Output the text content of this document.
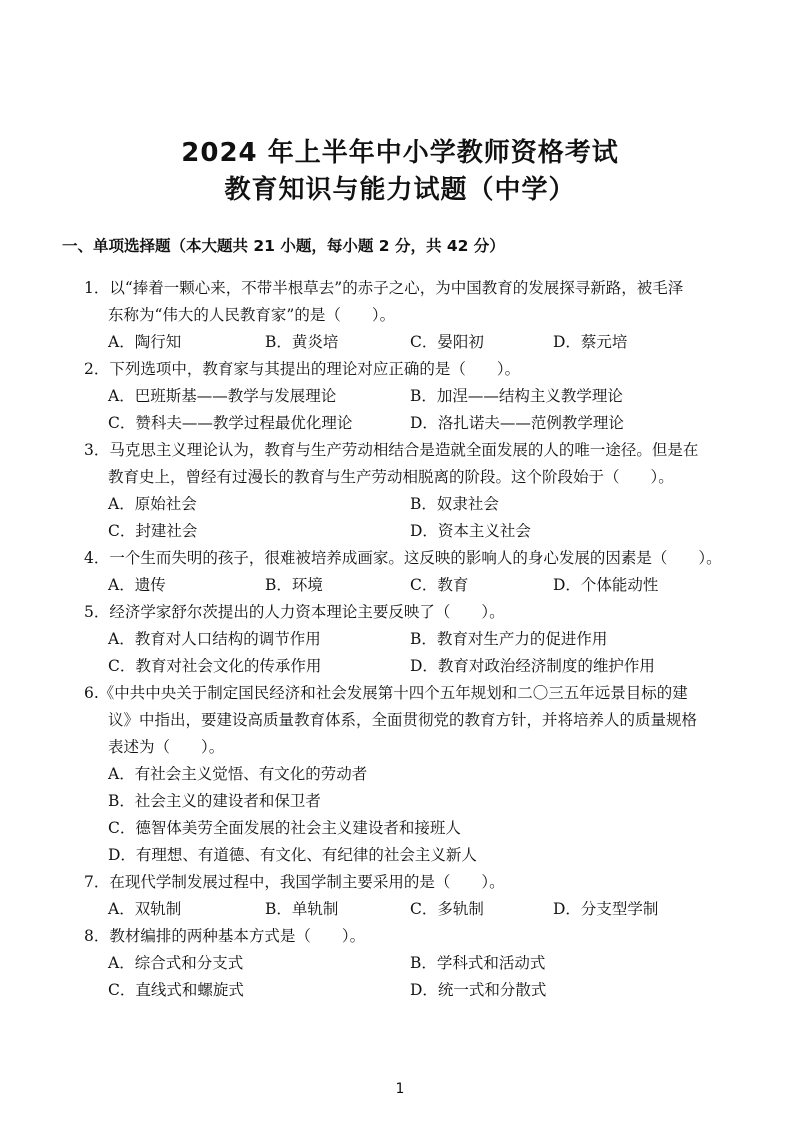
2024 年上半年中小学教师资格考试
教育知识与能力试题（中学）
一、单项选择题（本大题共 21 小题，每小题 2 分，共 42 分）
1．以“捧着一颗心来，不带半根草去”的赤子之心，为中国教育的发展探寻新路，被毛泽
东称为“伟大的人民教育家”的是（　　）。
A．陶行知	B．黄炎培	C．晏阳初	D．蔡元培
2．下列选项中，教育家与其提出的理论对应正确的是（　　）。
A．巴班斯基——教学与发展理论	B．加涅——结构主义教学理论
C．赞科夫——教学过程最优化理论	D．洛扎诺夫——范例教学理论
3．马克思主义理论认为，教育与生产劳动相结合是造就全面发展的人的唯一途径。但是在
教育史上，曾经有过漫长的教育与生产劳动相脱离的阶段。这个阶段始于（　　）。
A．原始社会	B．奴隶社会
C．封建社会	D．资本主义社会
4．一个生而失明的孩子，很难被培养成画家。这反映的影响人的身心发展的因素是（　　）。
A．遗传	B．环境	C．教育	D．个体能动性
5．经济学家舒尔茨提出的人力资本理论主要反映了（　　）。
A．教育对人口结构的调节作用	B．教育对生产力的促进作用
C．教育对社会文化的传承作用	D．教育对政治经济制度的维护作用
6.《中共中央关于制定国民经济和社会发展第十四个五年规划和二〇三五年远景目标的建
议》中指出，要建设高质量教育体系，全面贯彻党的教育方针，并将培养人的质量规格
表述为（　　）。
A．有社会主义觉悟、有文化的劳动者
B．社会主义的建设者和保卫者
C．德智体美劳全面发展的社会主义建设者和接班人
D．有理想、有道德、有文化、有纪律的社会主义新人
7．在现代学制发展过程中，我国学制主要采用的是（　　）。
A．双轨制	B．单轨制	C．多轨制	D．分支型学制
8．教材编排的两种基本方式是（　　）。
A．综合式和分支式	B．学科式和活动式
C．直线式和螺旋式	D．统一式和分散式
1
